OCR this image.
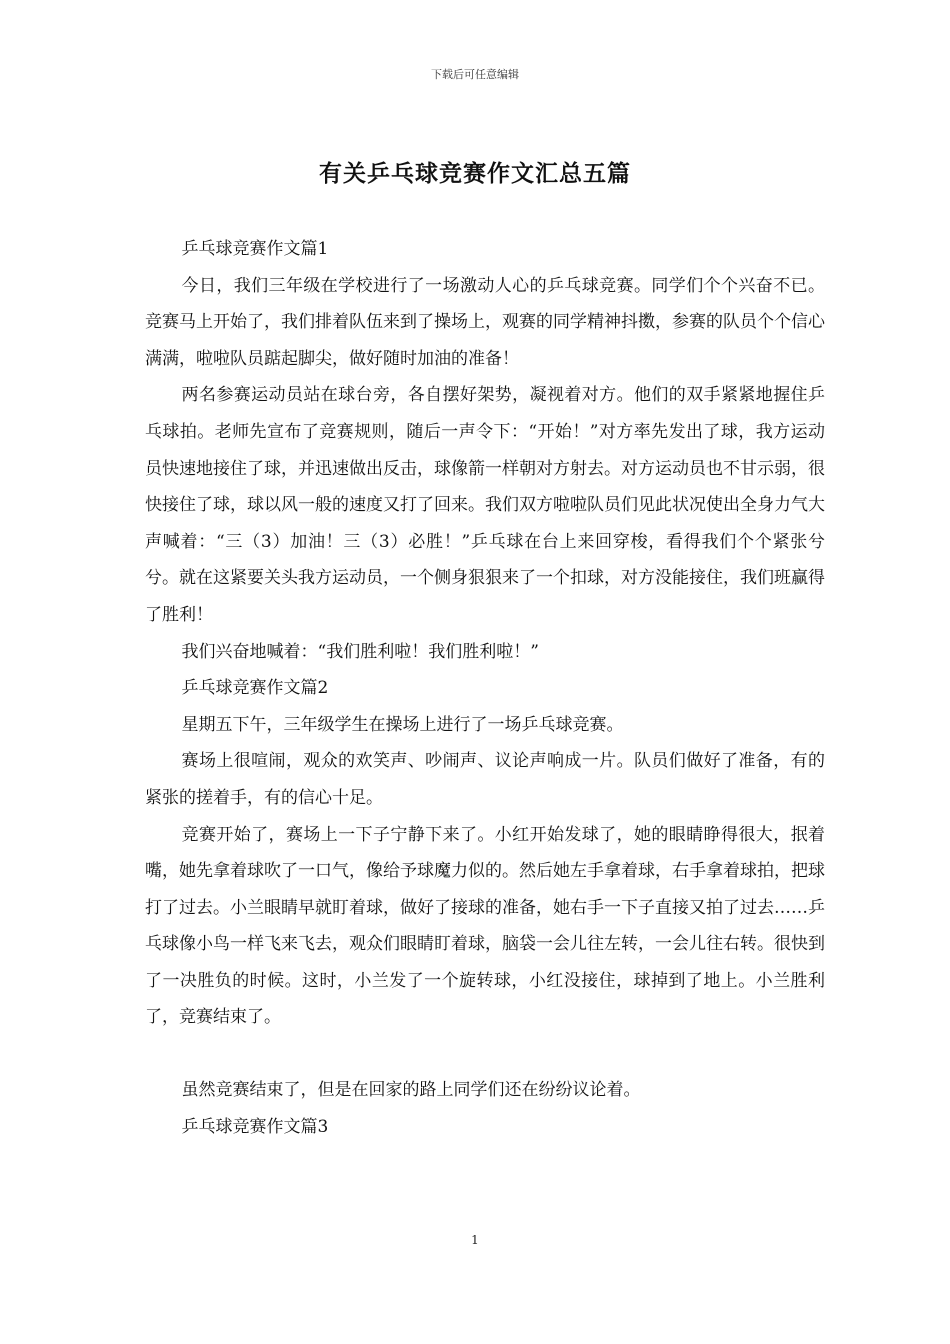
下载后可任意编辑
有关乒乓球竞赛作文汇总五篇

乒乓球竞赛作文篇1

今日，我们三年级在学校进行了一场激动人心的乒乓球竞赛。同学们个个兴奋不已。竞赛马上开始了，我们排着队伍来到了操场上，观赛的同学精神抖擞，参赛的队员个个信心满满，啦啦队员踮起脚尖，做好随时加油的准备！

两名参赛运动员站在球台旁，各自摆好架势，凝视着对方。他们的双手紧紧地握住乒乓球拍。老师先宣布了竞赛规则，随后一声令下：“开始！”对方率先发出了球，我方运动员快速地接住了球，并迅速做出反击，球像箭一样朝对方射去。对方运动员也不甘示弱，很快接住了球，球以风一般的速度又打了回来。我们双方啦啦队员们见此状况使出全身力气大声喊着：“三（3）加油！三（3）必胜！”乒乓球在台上来回穿梭，看得我们个个紧张兮兮。就在这紧要关头我方运动员，一个侧身狠狠来了一个扣球，对方没能接住，我们班赢得了胜利！

我们兴奋地喊着：“我们胜利啦！我们胜利啦！”

乒乓球竞赛作文篇2

星期五下午，三年级学生在操场上进行了一场乒乓球竞赛。

赛场上很喧闹，观众的欢笑声、吵闹声、议论声响成一片。队员们做好了准备，有的紧张的搓着手，有的信心十足。

竞赛开始了，赛场上一下子宁静下来了。小红开始发球了，她的眼睛睁得很大，抿着嘴，她先拿着球吹了一口气，像给予球魔力似的。然后她左手拿着球，右手拿着球拍，把球打了过去。小兰眼睛早就盯着球，做好了接球的准备，她右手一下子直接又拍了过去……乒乓球像小鸟一样飞来飞去，观众们眼睛盯着球，脑袋一会儿往左转，一会儿往右转。很快到了一决胜负的时候。这时，小兰发了一个旋转球，小红没接住，球掉到了地上。小兰胜利了，竞赛结束了。

虽然竞赛结束了，但是在回家的路上同学们还在纷纷议论着。

乒乓球竞赛作文篇3

1
